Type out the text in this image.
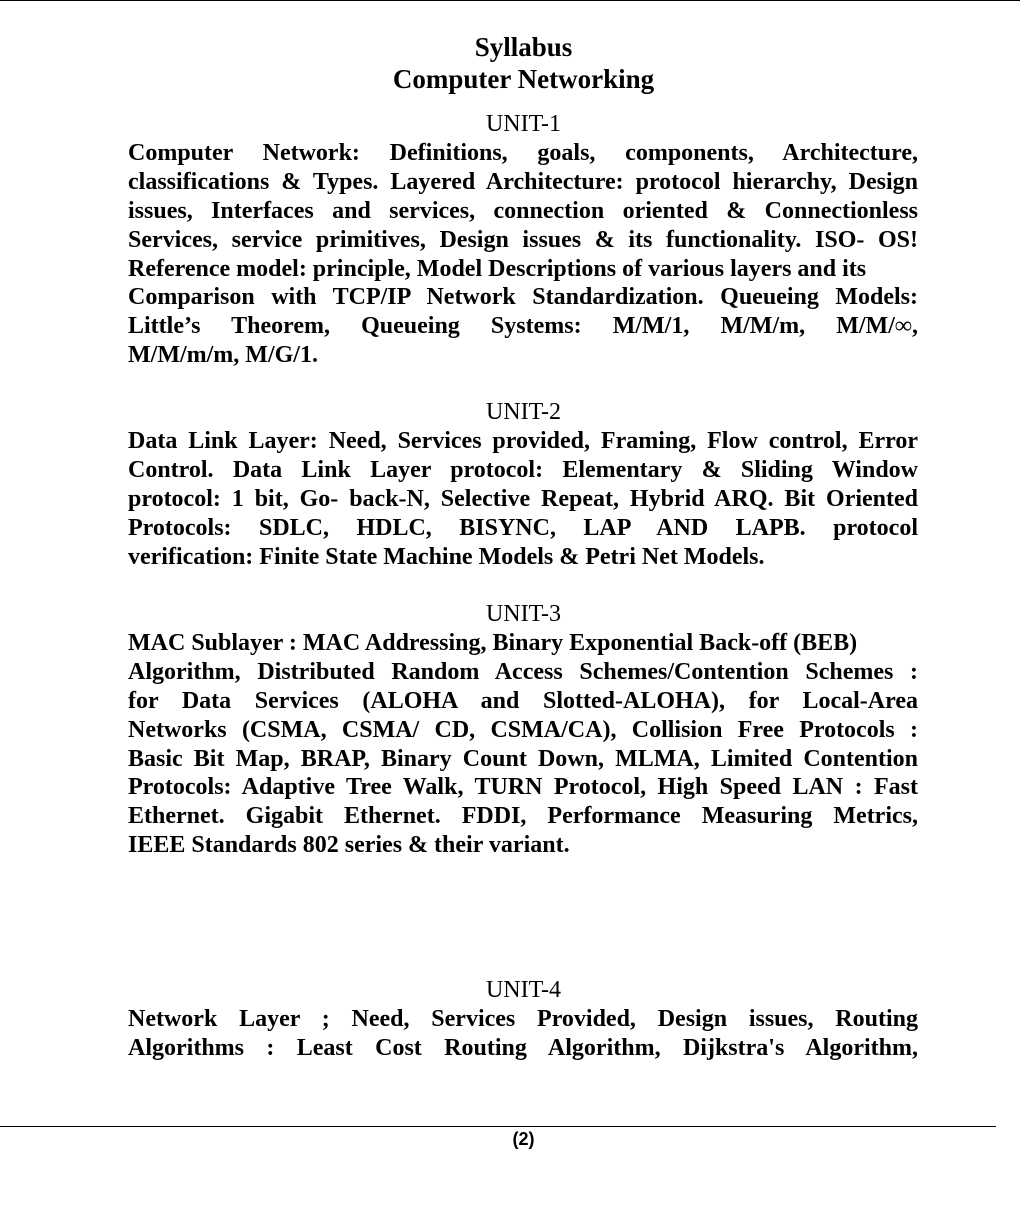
Syllabus
Computer Networking
UNIT-1
Computer Network: Definitions, goals, components, Architecture,
classifications & Types. Layered Architecture: protocol hierarchy, Design
issues, Interfaces and services, connection oriented & Connectionless
Services, service primitives, Design issues & its functionality. ISO- OS!
Reference model: principle, Model Descriptions of various layers and its
Comparison with TCP/IP Network Standardization. Queueing Models:
Little’s Theorem, Queueing Systems: M/M/1, M/M/m, M/M/∞,
M/M/m/m, M/G/1.
UNIT-2
Data Link Layer: Need, Services provided, Framing, Flow control, Error
Control. Data Link Layer protocol: Elementary & Sliding Window
protocol: 1 bit, Go- back-N, Selective Repeat, Hybrid ARQ. Bit Oriented
Protocols: SDLC, HDLC, BISYNC, LAP AND LAPB. protocol
verification: Finite State Machine Models & Petri Net Models.
UNIT-3
MAC Sublayer : MAC Addressing, Binary Exponential Back-off (BEB)
Algorithm, Distributed Random Access Schemes/Contention Schemes :
for Data Services (ALOHA and Slotted-ALOHA), for Local-Area
Networks (CSMA, CSMA/ CD, CSMA/CA), Collision Free Protocols :
Basic Bit Map, BRAP, Binary Count Down, MLMA, Limited Contention
Protocols: Adaptive Tree Walk, TURN Protocol, High Speed LAN : Fast
Ethernet. Gigabit Ethernet. FDDI, Performance Measuring Metrics,
IEEE Standards 802 series & their variant.
UNIT-4
Network Layer ; Need, Services Provided, Design issues, Routing
Algorithms : Least Cost Routing Algorithm, Dijkstra's Algorithm,
(2)
